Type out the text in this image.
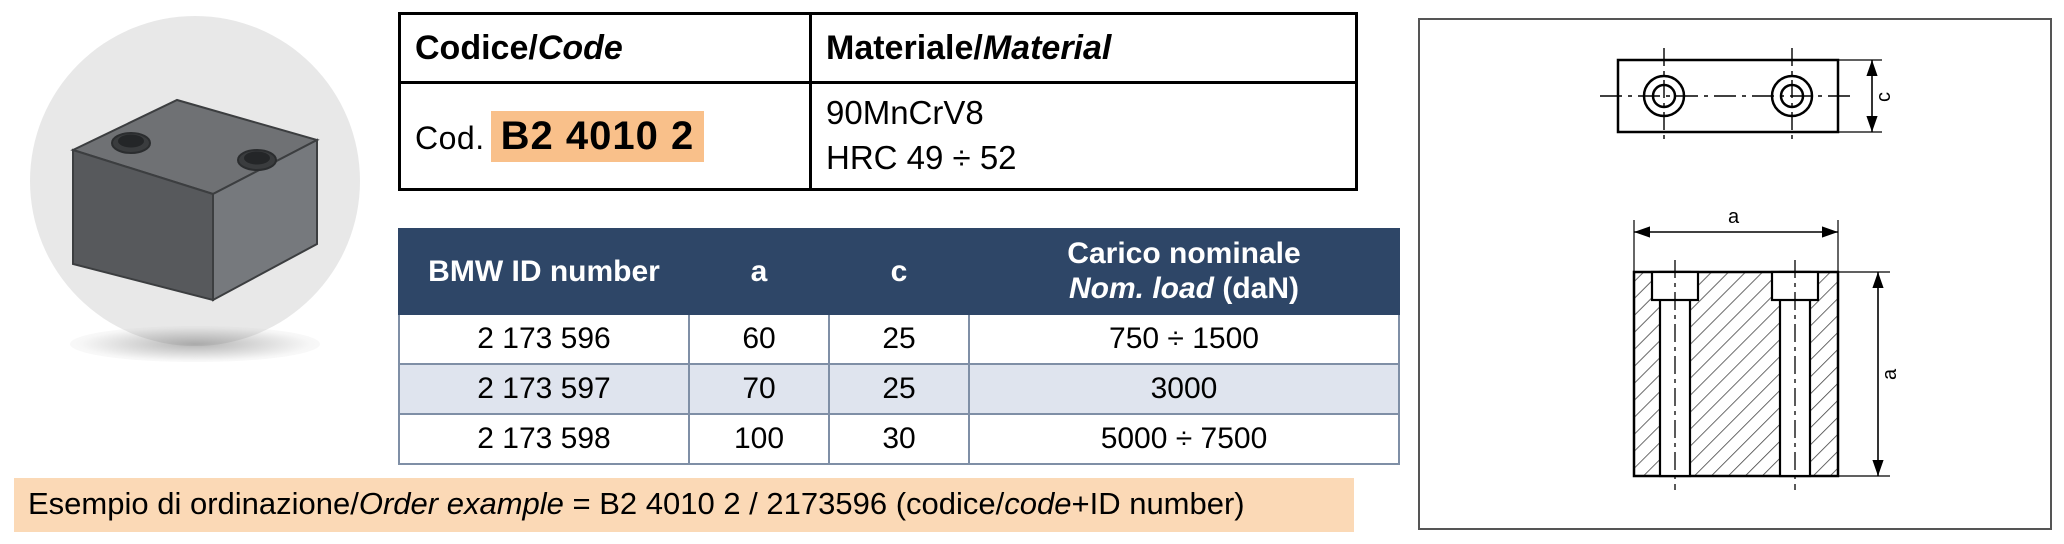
Codice/Code	Materiale/Material
Cod. B2 4010 2	90MnCrV8
HRC 49 ÷ 52
BMW ID number	a	c	Carico nominale
Nom. load (daN)

2 173 596	60	25	750 ÷ 1500
2 173 597	70	25	3000
2 173 598	100	30	5000 ÷ 7500
Esempio di ordinazione/Order example = B2 4010 2 / 2173596 (codice/code+ID number)
c
a
a
